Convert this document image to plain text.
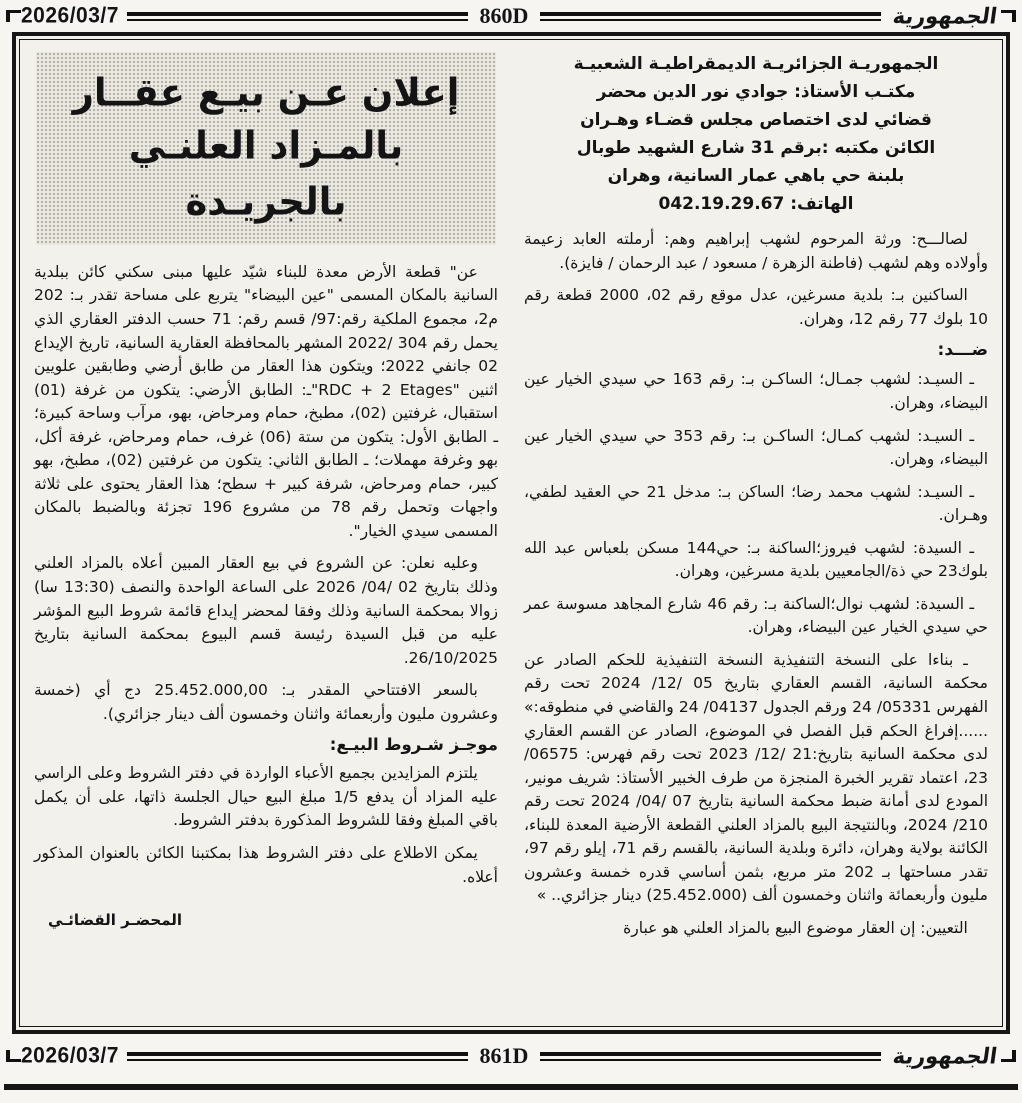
2026/03/7	860D	الجمهورية
الجمهوريـة الجزائريـة الديمقراطيـة الشعبيـة
مكتـب الأستاذ: جوادي نور الدين محضر
قضائي لدى اختصاص مجلس قضـاء وهـران
الكائن مكتبه :برقم 31 شارع الشهيد طوبال
بلبنة حي باهي عمار السانية، وهران
الهاتف: 042.19.29.67

لصالـــح: ورثة المرحوم لشهب إبراهيم وهم: أرملته العابد زعيمة وأولاده وهم لشهب (فاطنة الزهرة / مسعود / عبد الرحمان / فايزة).

الساكنين بـ: بلدية مسرغين، عدل موقع رقم 02، 2000 قطعة رقم 10 بلوك 77 رقم 12، وهران.

ضـــد:

ـ السيـد: لشهب جمـال؛ الساكـن بـ: رقم 163 حي سيدي الخيار عين البيضاء، وهران.

ـ السيـد: لشهب كمـال؛ الساكـن بـ: رقم 353 حي سيدي الخيار عين البيضاء، وهران.

ـ السيـد: لشهب محمد رضا؛ الساكن بـ: مدخل 21 حي العقيد لطفي، وهـران.

ـ السيدة: لشهب فيروز؛الساكنة بـ: حي144 مسكن بلعباس عبد الله بلوك23 حي ذة/الجامعيين بلدية مسرغين، وهران.

ـ السيدة: لشهب نوال؛الساكنة بـ: رقم 46 شارع المجاهد مسوسة عمر حي سيدي الخيار عين البيضاء، وهران.

ـ بناءا على النسخة التنفيذية النسخة التنفيذية للحكم الصادر عن محكمة السانية، القسم العقاري بتاريخ 05 /12/ 2024 تحت رقم الفهرس 05331/ 24 ورقم الجدول 04137/ 24 والقاضي في منطوقه:» ......إفراغ الحكم قبل الفصل في الموضوع، الصادر عن القسم العقاري لدى محكمة السانية بتاريخ:21 /12/ 2023 تحت رقم فهرس: 06575/ 23، اعتماد تقرير الخبرة المنجزة من طرف الخبير الأستاذ: شريف مونير، المودع لدى أمانة ضبط محكمة السانية بتاريخ 07 /04/ 2024 تحت رقم 210/ 2024، وبالنتيجة البيع بالمزاد العلني القطعة الأرضية المعدة للبناء، الكائنة بولاية وهران، دائرة وبلدية السانية، بالقسم رقم 71، إيلو رقم 97، تقدر مساحتها بـ 202 متر مربع، بثمن أساسي قدره خمسة وعشرون مليون وأربعمائة واثنان وخمسون ألف (25.452.000) دينار جزائري.. »

التعيين: إن العقار موضوع البيع بالمزاد العلني هو عبارة

إعلان عـن بيـع عقــار
بالمـزاد العلنـي بالجريـدة

عن" قطعة الأرض معدة للبناء شيّد عليها مبنى سكني كائن ببلدية السانية بالمكان المسمى "عين البيضاء" يتربع على مساحة تقدر بـ: 202 م2، مجموع الملكية رقم:97/ قسم رقم: 71 حسب الدفتر العقاري الذي يحمل رقم 304 /2022 المشهر بالمحافظة العقارية السانية، تاريخ الإيداع 02 جانفي 2022؛ ويتكون هذا العقار من طابق أرضي وطابقين علويين اثنين "RDC + 2 Etages"ـ: الطابق الأرضي: يتكون من غرفة (01) استقبال، غرفتين (02)، مطبخ، حمام ومرحاض، بهو، مرآب وساحة كبيرة؛ ـ الطابق الأول: يتكون من ستة (06) غرف، حمام ومرحاض، غرفة أكل، بهو وغرفة مهملات؛ ـ الطابق الثاني: يتكون من غرفتين (02)، مطبخ، بهو كبير، حمام ومرحاض، شرفة كبير + سطح؛ هذا العقار يحتوى على ثلاثة واجهات وتحمل رقم 78 من مشروع 196 تجزئة وبالضبط بالمكان المسمى سيدي الخيار".

وعليه نعلن: عن الشروع في بيع العقار المبين أعلاه بالمزاد العلني وذلك بتاريخ 02 /04/ 2026 على الساعة الواحدة والنصف (13:30 سا) زوالا بمحكمة السانية وذلك وفقا لمحضر إيداع قائمة شروط البيع المؤشر عليه من قبل السيدة رئيسة قسم البيوع بمحكمة السانية بتاريخ 26/10/2025.

بالسعر الافتتاحي المقدر بـ: 25.452.000,00 دج أي (خمسة وعشرون مليون وأربعمائة واثنان وخمسون ألف دينار جزائري).

موجـز شـروط البيـع:

يلتزم المزايدين بجميع الأعباء الواردة في دفتر الشروط وعلى الراسي عليه المزاد أن يدفع 1/5 مبلغ البيع حيال الجلسة ذاتها، على أن يكمل باقي المبلغ وفقا للشروط المذكورة بدفتر الشروط.

يمكن الاطلاع على دفتر الشروط هذا بمكتبنا الكائن بالعنوان المذكور أعلاه.

المحضـر القضائـي
2026/03/7	861D	الجمهورية
